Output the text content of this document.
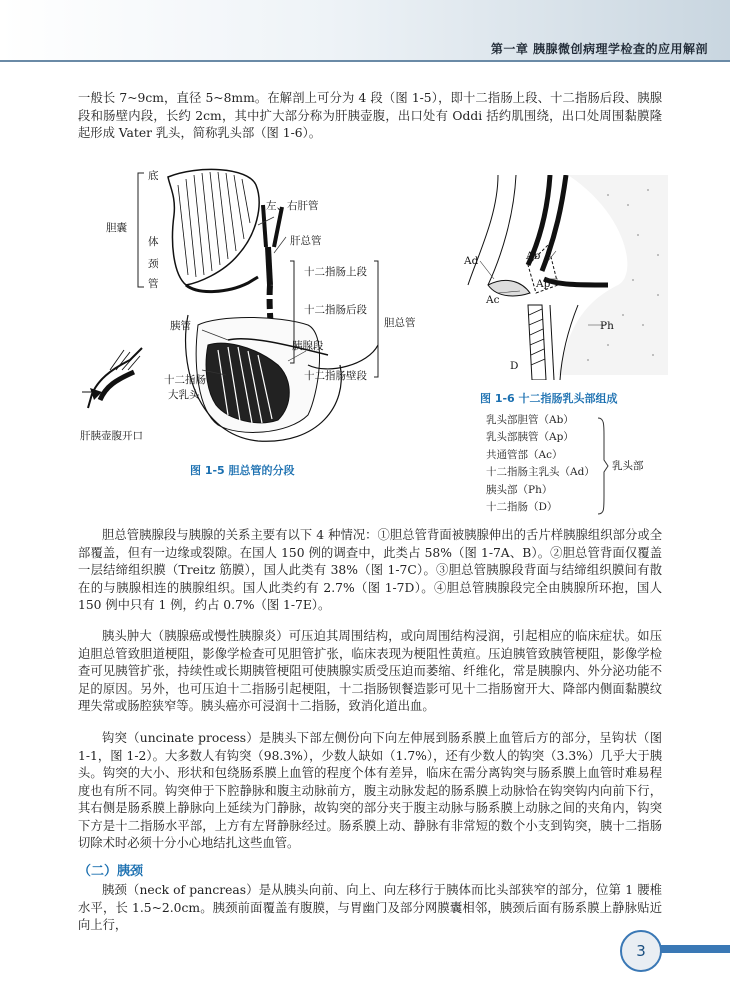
第一章 胰腺微创病理学检查的应用解剖

一般长 7~9cm，直径 5~8mm。在解剖上可分为 4 段（图 1-5），即十二指肠上段、十二指肠后段、胰腺段和肠壁内段，长约 2cm，其中扩大部分称为肝胰壶腹，出口处有 Oddi 括约肌围绕，出口处周围黏膜隆起形成 Vater 乳头，简称乳头部（图 1-6）。

底
胆囊
体
颈
管
左、右肝管
肝总管
十二指肠上段
十二指肠后段
胰腺段
十二指肠壁段
胆总管
胰管
十二指肠
大乳头
肝胰壶腹开口
图 1-5 胆总管的分段
Ad	Ab
Ap
Ac
Ph
D
图 1-6 十二指肠乳头部组成
乳头部胆管（Ab）
乳头部胰管（Ap）
共通管部（Ac）
十二指肠主乳头（Ad）
胰头部（Ph）
十二指肠（D）
乳头部

胆总管胰腺段与胰腺的关系主要有以下 4 种情况：①胆总管背面被胰腺伸出的舌片样胰腺组织部分或全部覆盖，但有一边缘或裂隙。在国人 150 例的调查中，此类占 58%（图 1-7A、B）。②胆总管背面仅覆盖一层结缔组织膜（Treitz 筋膜），国人此类有 38%（图 1-7C）。③胆总管胰腺段背面与结缔组织膜间有散在的与胰腺相连的胰腺组织。国人此类约有 2.7%（图 1-7D）。④胆总管胰腺段完全由胰腺所环抱，国人 150 例中只有 1 例，约占 0.7%（图 1-7E）。

胰头肿大（胰腺癌或慢性胰腺炎）可压迫其周围结构，或向周围结构浸润，引起相应的临床症状。如压迫胆总管致胆道梗阻，影像学检查可见胆管扩张，临床表现为梗阻性黄疸。压迫胰管致胰管梗阻，影像学检查可见胰管扩张，持续性或长期胰管梗阻可使胰腺实质受压迫而萎缩、纤维化，常是胰腺内、外分泌功能不足的原因。另外，也可压迫十二指肠引起梗阻，十二指肠钡餐造影可见十二指肠窗开大、降部内侧面黏膜纹理失常或肠腔狭窄等。胰头癌亦可浸润十二指肠，致消化道出血。

钩突（uncinate process）是胰头下部左侧份向下向左伸展到肠系膜上血管后方的部分，呈钩状（图 1-1，图 1-2）。大多数人有钩突（98.3%），少数人缺如（1.7%），还有少数人的钩突（3.3%）几乎大于胰头。钩突的大小、形状和包绕肠系膜上血管的程度个体有差异，临床在需分离钩突与肠系膜上血管时难易程度也有所不同。钩突伸于下腔静脉和腹主动脉前方，腹主动脉发起的肠系膜上动脉恰在钩突钩内向前下行，其右侧是肠系膜上静脉向上延续为门静脉，故钩突的部分夹于腹主动脉与肠系膜上动脉之间的夹角内，钩突下方是十二指肠水平部，上方有左肾静脉经过。肠系膜上动、静脉有非常短的数个小支到钩突，胰十二指肠切除术时必须十分小心地结扎这些血管。

（二）胰颈

胰颈（neck of pancreas）是从胰头向前、向上、向左移行于胰体而比头部狭窄的部分，位第 1 腰椎水平，长 1.5~2.0cm。胰颈前面覆盖有腹膜，与胃幽门及部分网膜囊相邻，胰颈后面有肠系膜上静脉贴近向上行，

3
